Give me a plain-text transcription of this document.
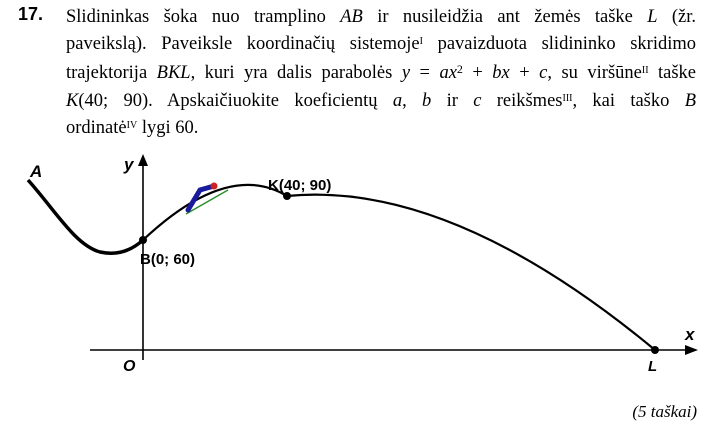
17. Slidininkas šoka nuo tramplino AB ir nusileidžia ant žemės taške L (žr.
paveikslą). Paveiksle koordinačių sistemoje$^I$ pavaizduota slidininko skridimo
trajektorija BKL, kuri yra dalis parabolės $y = ax^2$ + bx + c, su viršūne$^{II}$ taške
K(40; 90). Apskaičiuokite koeficientų a, b ir c reikšmes$^{III}$, kai taško B
ordinatė$^{IV}$ lygi 60.
A	y
x
O
K(40; 90)
B(0; 60)
L
(5 taškai)
